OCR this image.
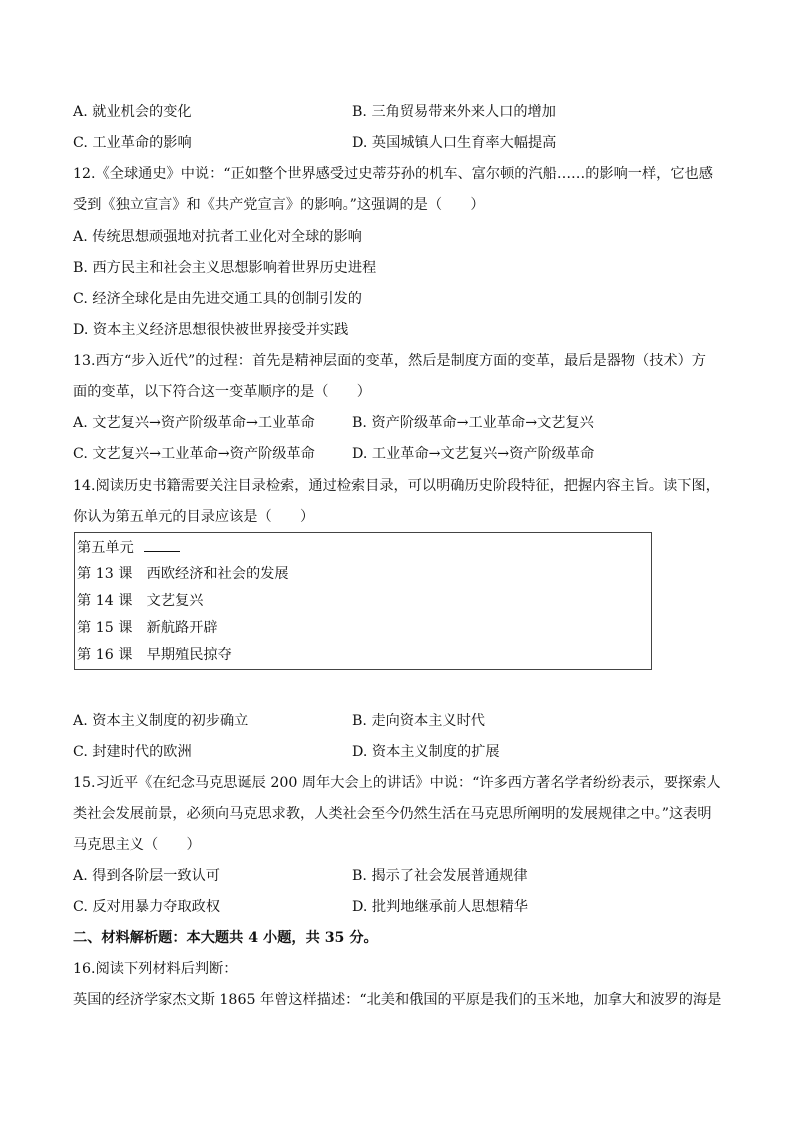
A. 就业机会的变化	B. 三角贸易带来外来人口的增加
C. 工业革命的影响	D. 英国城镇人口生育率大幅提高
12.《全球通史》中说：“正如整个世界感受过史蒂芬孙的机车、富尔顿的汽船……的影响一样，它也感
受到《独立宣言》和《共产党宣言》的影响。”这强调的是（　　）
A. 传统思想顽强地对抗者工业化对全球的影响
B. 西方民主和社会主义思想影响着世界历史进程
C. 经济全球化是由先进交通工具的创制引发的
D. 资本主义经济思想很快被世界接受并实践
13.西方“步入近代”的过程：首先是精神层面的变革，然后是制度方面的变革，最后是器物（技术）方
面的变革，以下符合这一变革顺序的是（　　）
A. 文艺复兴→资产阶级革命→工业革命	B. 资产阶级革命→工业革命→文艺复兴
C. 文艺复兴→工业革命→资产阶级革命	D. 工业革命→文艺复兴→资产阶级革命
14.阅读历史书籍需要关注目录检索，通过检索目录，可以明确历史阶段特征，把握内容主旨。读下图，
你认为第五单元的目录应该是（　　）
第五单元
第 13 课　西欧经济和社会的发展
第 14 课　文艺复兴
第 15 课　新航路开辟
第 16 课　早期殖民掠夺
A. 资本主义制度的初步确立	B. 走向资本主义时代
C. 封建时代的欧洲	D. 资本主义制度的扩展
15.习近平《在纪念马克思诞辰 200 周年大会上的讲话》中说：“许多西方著名学者纷纷表示，要探索人
类社会发展前景，必须向马克思求教，人类社会至今仍然生活在马克思所阐明的发展规律之中。”这表明
马克思主义（　　）
A. 得到各阶层一致认可	B. 揭示了社会发展普通规律
C. 反对用暴力夺取政权	D. 批判地继承前人思想精华
二、材料解析题：本大题共 4 小题，共 35 分。
16.阅读下列材料后判断：
英国的经济学家杰文斯 1865 年曾这样描述：“北美和俄国的平原是我们的玉米地，加拿大和波罗的海是
